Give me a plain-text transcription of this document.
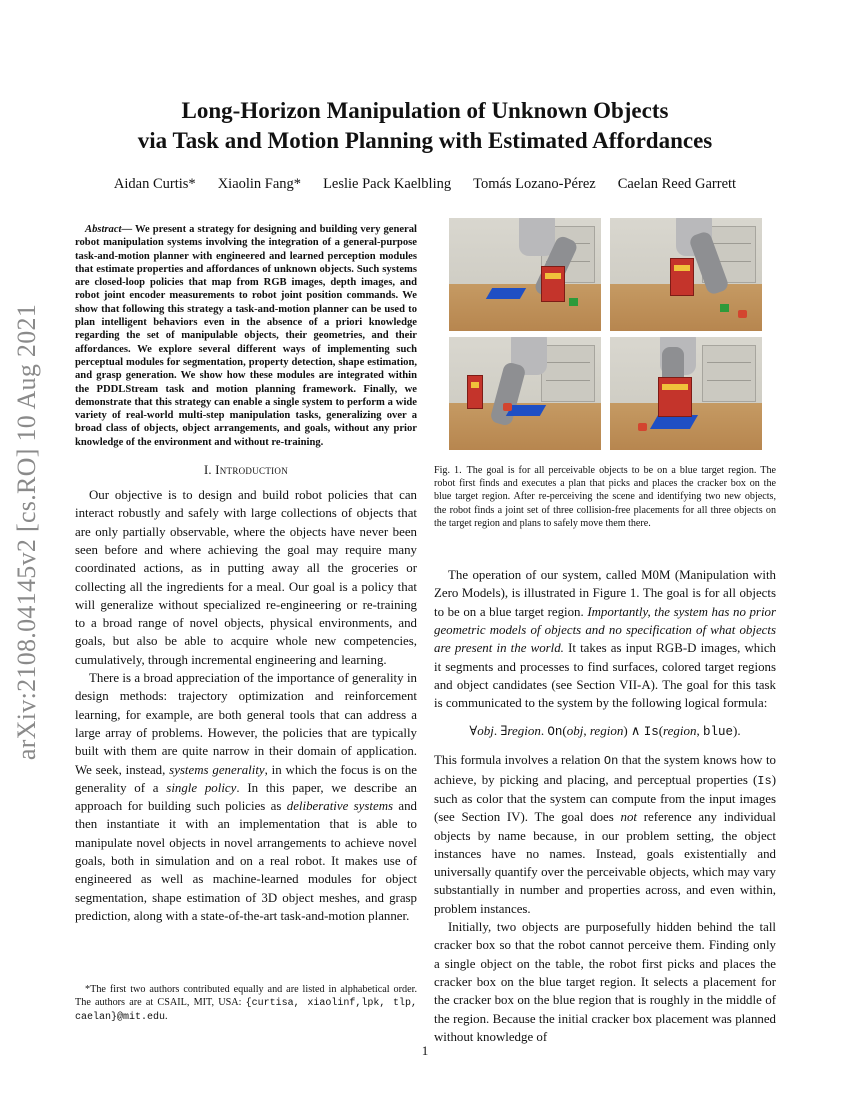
arXiv:2108.04145v2 [cs.RO] 10 Aug 2021
Long-Horizon Manipulation of Unknown Objects
via Task and Motion Planning with Estimated Affordances
Aidan Curtis* Xiaolin Fang* Leslie Pack Kaelbling Tomás Lozano-Pérez Caelan Reed Garrett

Abstract— We present a strategy for designing and building very general robot manipulation systems involving the integration of a general-purpose task-and-motion planner with engineered and learned perception modules that estimate properties and affordances of unknown objects. Such systems are closed-loop policies that map from RGB images, depth images, and robot joint encoder measurements to robot joint position commands. We show that following this strategy a task-and-motion planner can be used to plan intelligent behaviors even in the absence of a priori knowledge regarding the set of manipulable objects, their geometries, and their affordances. We explore several different ways of implementing such perceptual modules for segmentation, property detection, shape estimation, and grasp generation. We show how these modules are integrated within the PDDLStream task and motion planning framework. Finally, we demonstrate that this strategy can enable a single system to perform a wide variety of real-world multi-step manipulation tasks, generalizing over a broad class of objects, object arrangements, and goals, without any prior knowledge of the environment and without re-training.

I. Introduction

Our objective is to design and build robot policies that can interact robustly and safely with large collections of objects that are only partially observable, where the objects have never been seen before and where achieving the goal may require many coordinated actions, as in putting away all the groceries or collecting all the ingredients for a meal. Our goal is a policy that will generalize without specialized re-engineering or re-training to a broad range of novel objects, physical environments, and goals, but also be able to acquire whole new competencies, cumulatively, through incremental engineering and learning.

There is a broad appreciation of the importance of generality in design methods: trajectory optimization and reinforcement learning, for example, are both general tools that can address a large array of problems. However, the policies that are typically built with them are quite narrow in their domain of application. We seek, instead, systems generality, in which the focus is on the generality of a single policy. In this paper, we describe an approach for building such policies as deliberative systems and then instantiate it with an implementation that is able to manipulate novel objects in novel arrangements to achieve novel goals, both in simulation and on a real robot. It makes use of engineered as well as machine-learned modules for object segmentation, shape estimation of 3D object meshes, and grasp prediction, along with a state-of-the-art task-and-motion planner.

*The first two authors contributed equally and are listed in alphabetical order. The authors are at CSAIL, MIT, USA: {curtisa, xiaolinf,lpk, tlp, caelan}@mit.edu.

Fig. 1. The goal is for all perceivable objects to be on a blue target region. The robot first finds and executes a plan that picks and places the cracker box on the blue target region. After re-perceiving the scene and identifying two new objects, the robot finds a joint set of three collision-free placements for all three objects on the target region and plans to safely move them there.

The operation of our system, called M0M (Manipulation with Zero Models), is illustrated in Figure 1. The goal is for all objects to be on a blue target region. Importantly, the system has no prior geometric models of objects and no specification of what objects are present in the world. It takes as input RGB-D images, which it segments and processes to find surfaces, colored target regions and object candidates (see Section VII-A). The goal for this task is communicated to the system by the following logical formula:

∀obj. ∃region. On(obj, region) ∧ Is(region, blue).

This formula involves a relation On that the system knows how to achieve, by picking and placing, and perceptual properties (Is) such as color that the system can compute from the input images (see Section IV). The goal does not reference any individual objects by name because, in our problem setting, the object instances have no names. Instead, goals existentially and universally quantify over the perceivable objects, which may vary substantially in number and properties across, and even within, problem instances.

Initially, two objects are purposefully hidden behind the tall cracker box so that the robot cannot perceive them. Finding only a single object on the table, the robot first picks and places the cracker box on the blue target region. It selects a placement for the cracker box on the blue region that is roughly in the middle of the region. Because the initial cracker box placement was planned without knowledge of

1
